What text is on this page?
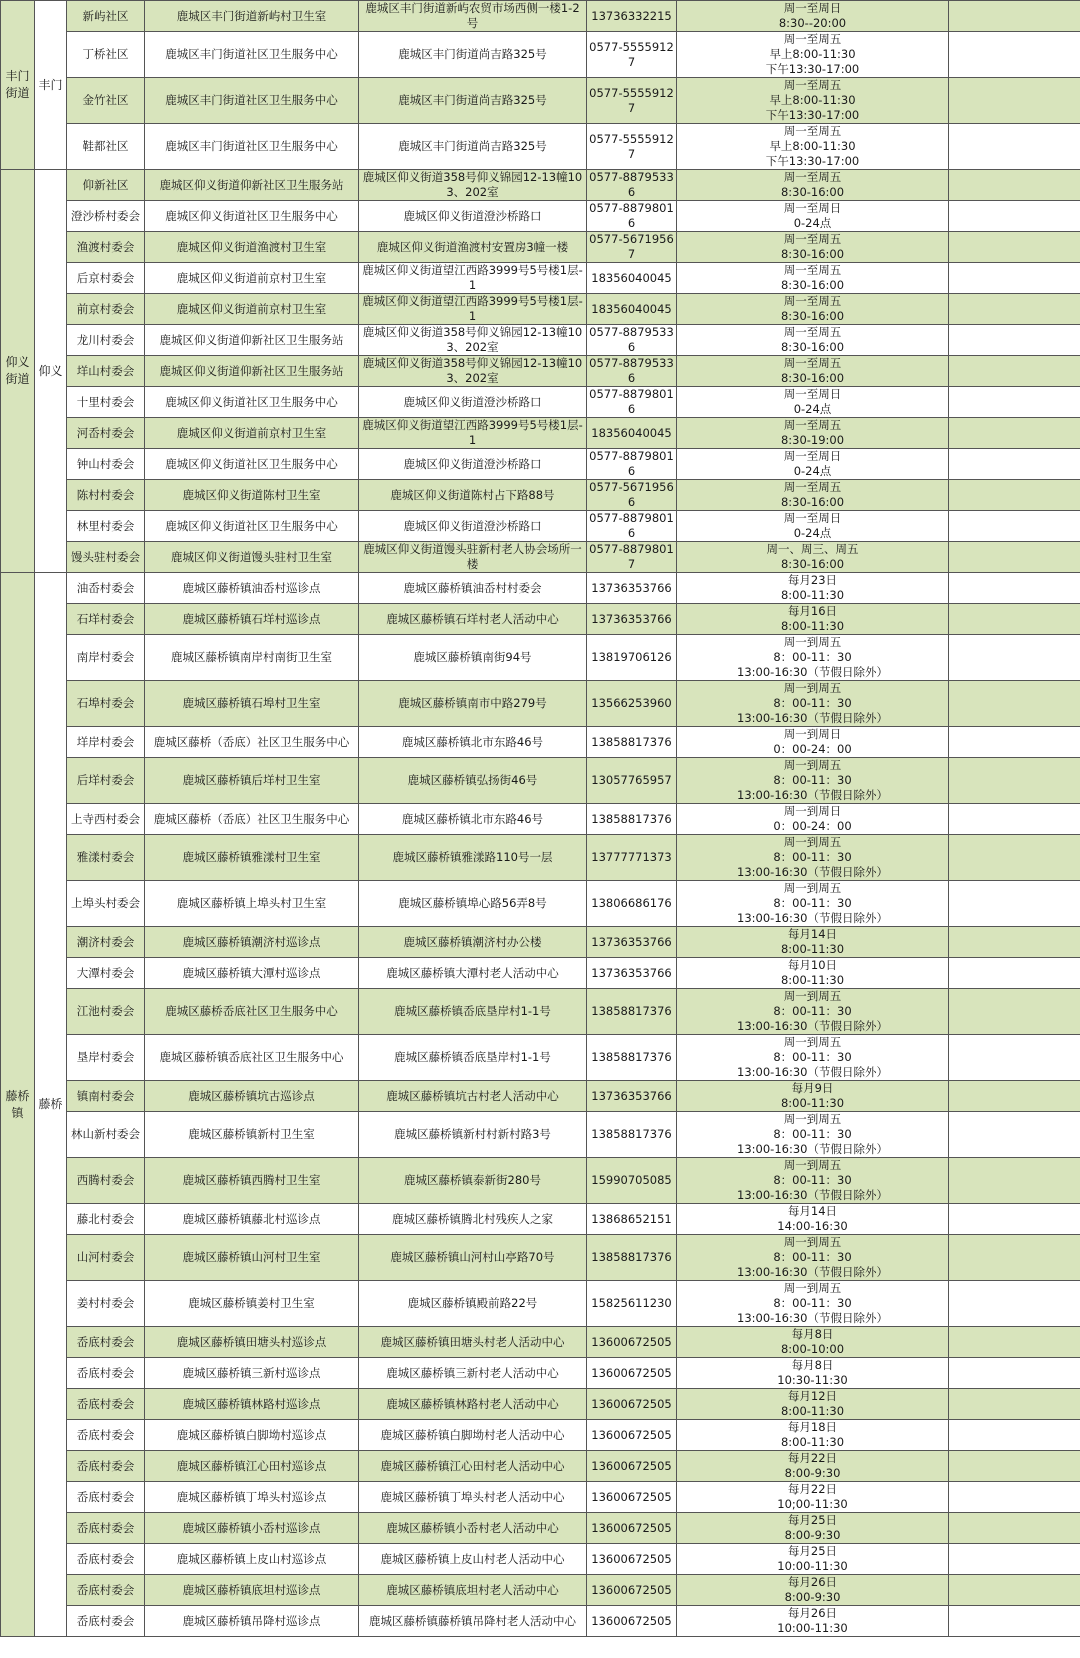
丰门街道	丰门	新屿社区	鹿城区丰门街道新屿村卫生室	鹿城区丰门街道新屿农贸市场西侧一楼1-2号	13736332215	周一至周日
8:30--20:00	

		丁桥社区	鹿城区丰门街道社区卫生服务中心	鹿城区丰门街道尚吉路325号	0577-55559127	周一至周五
早上8:00-11:30
下午13:30-17:00	

		金竹社区	鹿城区丰门街道社区卫生服务中心	鹿城区丰门街道尚吉路325号	0577-55559127	周一至周五
早上8:00-11:30
下午13:30-17:00	

		鞋都社区	鹿城区丰门街道社区卫生服务中心	鹿城区丰门街道尚吉路325号	0577-55559127	周一至周五
早上8:00-11:30
下午13:30-17:00	

仰义街道	仰义	仰新社区	鹿城区仰义街道仰新社区卫生服务站	鹿城区仰义街道358号仰义锦园12-13幢103、202室	0577-88795336	周一至周五
8:30-16:00	

		澄沙桥村委会	鹿城区仰义街道社区卫生服务中心	鹿城区仰义街道澄沙桥路口	0577-88798016	周一至周日
0-24点	

		渔渡村委会	鹿城区仰义街道渔渡村卫生室	鹿城区仰义街道渔渡村安置房3幢一楼	0577-56719567	周一至周五
8:30-16:00	

		后京村委会	鹿城区仰义街道前京村卫生室	鹿城区仰义街道望江西路3999号5号楼1层-1	18356040045	周一至周五
8:30-16:00	

		前京村委会	鹿城区仰义街道前京村卫生室	鹿城区仰义街道望江西路3999号5号楼1层-1	18356040045	周一至周五
8:30-16:00	

		龙川村委会	鹿城区仰义街道仰新社区卫生服务站	鹿城区仰义街道358号仰义锦园12-13幢103、202室	0577-88795336	周一至周五
8:30-16:00	

		垟山村委会	鹿城区仰义街道仰新社区卫生服务站	鹿城区仰义街道358号仰义锦园12-13幢103、202室	0577-88795336	周一至周五
8:30-16:00	

		十里村委会	鹿城区仰义街道社区卫生服务中心	鹿城区仰义街道澄沙桥路口	0577-88798016	周一至周日
0-24点	

		河岙村委会	鹿城区仰义街道前京村卫生室	鹿城区仰义街道望江西路3999号5号楼1层-1	18356040045	周一至周五
8:30-19:00	

		钟山村委会	鹿城区仰义街道社区卫生服务中心	鹿城区仰义街道澄沙桥路口	0577-88798016	周一至周日
0-24点	

		陈村村委会	鹿城区仰义街道陈村卫生室	鹿城区仰义街道陈村占下路88号	0577-56719566	周一至周五
8:30-16:00	

		林里村委会	鹿城区仰义街道社区卫生服务中心	鹿城区仰义街道澄沙桥路口	0577-88798016	周一至周日
0-24点	

		馒头驻村委会	鹿城区仰义街道馒头驻村卫生室	鹿城区仰义街道馒头驻新村老人协会场所一楼	0577-88798017	周一、周三、周五
8:30-16:00	

藤桥镇	藤桥	油岙村委会	鹿城区藤桥镇油岙村巡诊点	鹿城区藤桥镇油岙村村委会	13736353766	每月23日
8:00-11:30	

		石垟村委会	鹿城区藤桥镇石垟村巡诊点	鹿城区藤桥镇石垟村老人活动中心	13736353766	每月16日
8:00-11:30	

		南岸村委会	鹿城区藤桥镇南岸村南街卫生室	鹿城区藤桥镇南街94号	13819706126	周一到周五
8：00-11：30
13:00-16:30（节假日除外）	

		石埠村委会	鹿城区藤桥镇石埠村卫生室	鹿城区藤桥镇南市中路279号	13566253960	周一到周五
8：00-11：30
13:00-16:30（节假日除外）	

		垟岸村委会	鹿城区藤桥（岙底）社区卫生服务中心	鹿城区藤桥镇北市东路46号	13858817376	周一到周日
0：00-24：00	

		后垟村委会	鹿城区藤桥镇后垟村卫生室	鹿城区藤桥镇弘扬街46号	13057765957	周一到周五
8：00-11：30
13:00-16:30（节假日除外）	

		上寺西村委会	鹿城区藤桥（岙底）社区卫生服务中心	鹿城区藤桥镇北市东路46号	13858817376	周一到周日
0：00-24：00	

		雅漾村委会	鹿城区藤桥镇雅漾村卫生室	鹿城区藤桥镇雅漾路110号一层	13777771373	周一到周五
8：00-11：30
13:00-16:30（节假日除外）	

		上埠头村委会	鹿城区藤桥镇上埠头村卫生室	鹿城区藤桥镇埠心路56弄8号	13806686176	周一到周五
8：00-11：30
13:00-16:30（节假日除外）	

		潮济村委会	鹿城区藤桥镇潮济村巡诊点	鹿城区藤桥镇潮济村办公楼	13736353766	每月14日
8:00-11:30	

		大潭村委会	鹿城区藤桥镇大潭村巡诊点	鹿城区藤桥镇大潭村老人活动中心	13736353766	每月10日
8:00-11:30	

		江池村委会	鹿城区藤桥岙底社区卫生服务中心	鹿城区藤桥镇岙底垦岸村1-1号	13858817376	周一到周五
8：00-11：30
13:00-16:30（节假日除外）	

		垦岸村委会	鹿城区藤桥镇岙底社区卫生服务中心	鹿城区藤桥镇岙底垦岸村1-1号	13858817376	周一到周五
8：00-11：30
13:00-16:30（节假日除外）	

		镇南村委会	鹿城区藤桥镇坑古巡诊点	鹿城区藤桥镇坑古村老人活动中心	13736353766	每月9日
8:00-11:30	

		林山新村委会	鹿城区藤桥镇新村卫生室	鹿城区藤桥镇新村村新村路3号	13858817376	周一到周五
8：00-11：30
13:00-16:30（节假日除外）	

		西腾村委会	鹿城区藤桥镇西腾村卫生室	鹿城区藤桥镇泰新街280号	15990705085	周一到周五
8：00-11：30
13:00-16:30（节假日除外）	

		藤北村委会	鹿城区藤桥镇藤北村巡诊点	鹿城区藤桥镇腾北村残疾人之家	13868652151	每月14日
14:00-16:30	

		山河村委会	鹿城区藤桥镇山河村卫生室	鹿城区藤桥镇山河村山亭路70号	13858817376	周一到周五
8：00-11：30
13:00-16:30（节假日除外）	

		姜村村委会	鹿城区藤桥镇姜村卫生室	鹿城区藤桥镇殿前路22号	15825611230	周一到周五
8：00-11：30
13:00-16:30（节假日除外）	

		岙底村委会	鹿城区藤桥镇田塘头村巡诊点	鹿城区藤桥镇田塘头村老人活动中心	13600672505	每月8日
8:00-10:00	

		岙底村委会	鹿城区藤桥镇三新村巡诊点	鹿城区藤桥镇三新村老人活动中心	13600672505	每月8日
10:30-11:30	

		岙底村委会	鹿城区藤桥镇林路村巡诊点	鹿城区藤桥镇林路村老人活动中心	13600672505	每月12日
8:00-11:30	

		岙底村委会	鹿城区藤桥镇白脚坳村巡诊点	鹿城区藤桥镇白脚坳村老人活动中心	13600672505	每月18日
8:00-11:30	

		岙底村委会	鹿城区藤桥镇江心田村巡诊点	鹿城区藤桥镇江心田村老人活动中心	13600672505	每月22日
8:00-9:30	

		岙底村委会	鹿城区藤桥镇丁埠头村巡诊点	鹿城区藤桥镇丁埠头村老人活动中心	13600672505	每月22日
10;00-11:30	

		岙底村委会	鹿城区藤桥镇小岙村巡诊点	鹿城区藤桥镇小岙村老人活动中心	13600672505	每月25日
8:00-9:30	

		岙底村委会	鹿城区藤桥镇上皮山村巡诊点	鹿城区藤桥镇上皮山村老人活动中心	13600672505	每月25日
10:00-11:30	

		岙底村委会	鹿城区藤桥镇底坦村巡诊点	鹿城区藤桥镇底坦村老人活动中心	13600672505	每月26日
8:00-9:30	

		岙底村委会	鹿城区藤桥镇吊降村巡诊点	鹿城区藤桥镇藤桥镇吊降村老人活动中心	13600672505	每月26日
10:00-11:30	
